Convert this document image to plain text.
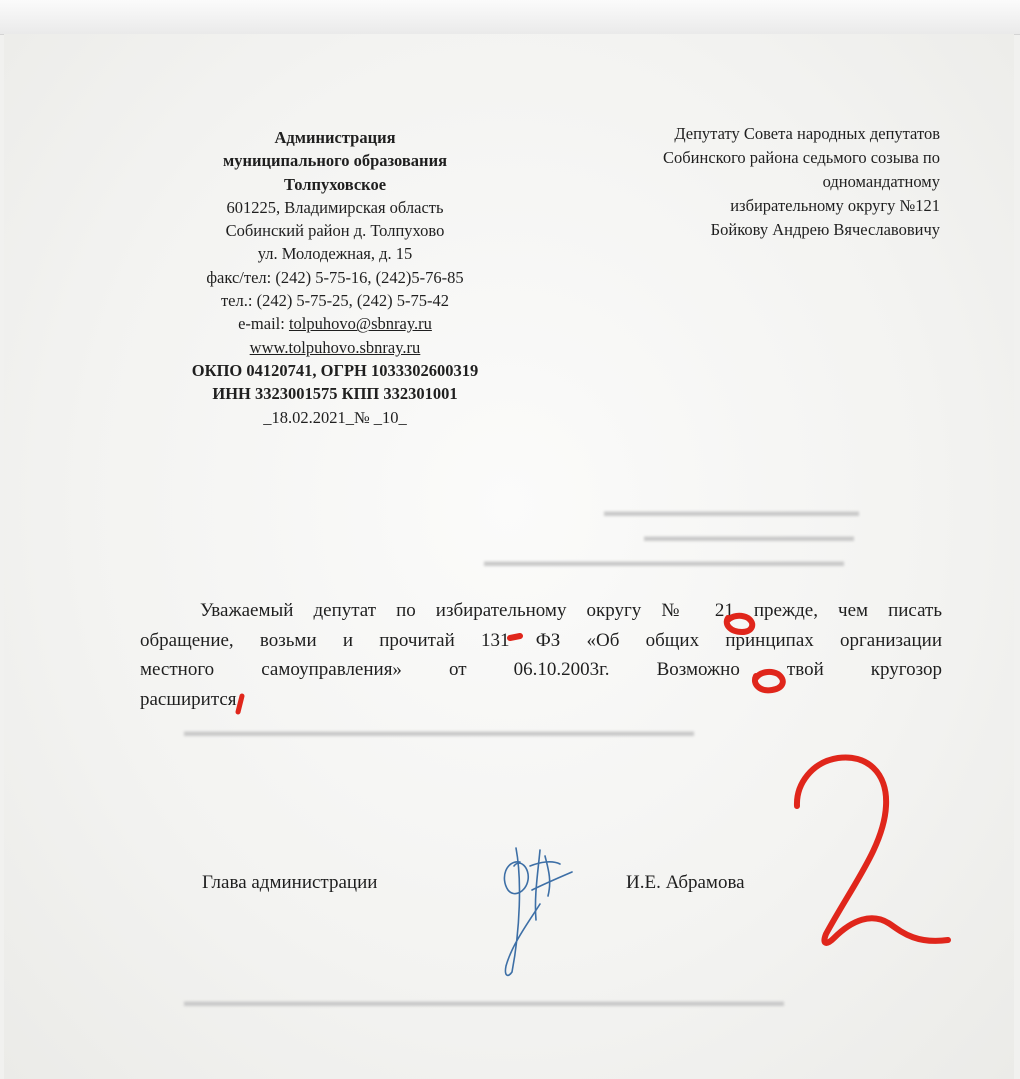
▬▬▬▬▬▬▬▬▬▬▬▬▬▬▬▬▬
▬▬▬▬▬▬▬▬▬▬▬▬▬▬
▬▬▬▬▬▬▬▬▬▬▬▬▬▬▬▬▬▬▬▬▬▬▬▬
▬▬▬▬▬▬▬▬▬▬▬▬▬▬▬▬▬▬▬▬▬▬▬▬▬▬▬▬▬▬▬▬▬▬
▬▬▬▬▬▬▬▬▬▬▬▬▬▬▬▬▬▬▬▬▬▬▬▬▬▬▬▬▬▬▬▬▬▬▬▬▬▬▬▬
Администрация
муниципального образования
Толпуховское
601225, Владимирская область
Собинский район д. Толпухово
ул. Молодежная, д. 15
факс/тел: (242) 5-75-16, (242)5-76-85
тел.: (242) 5-75-25, (242) 5-75-42
e-mail: tolpuhovo@sbnray.ru
www.tolpuhovo.sbnray.ru
ОКПО 04120741, ОГРН 1033302600319
ИНН 3323001575 КПП 332301001
_18.02.2021_№ _10_
Депутату Совета народных депутатов
Собинского района седьмого созыва по
одномандатному
избирательному округу №121
Бойкову Андрею Вячеславовичу
Уважаемый депутат по избирательному округу № 21 прежде, чем писать
обращение, возьми и прочитай 131 ФЗ «Об общих принципах организации
местного самоуправления» от 06.10.2003г. Возможно твой кругозор
расширится.
Глава администрации	И.Е. Абрамова
